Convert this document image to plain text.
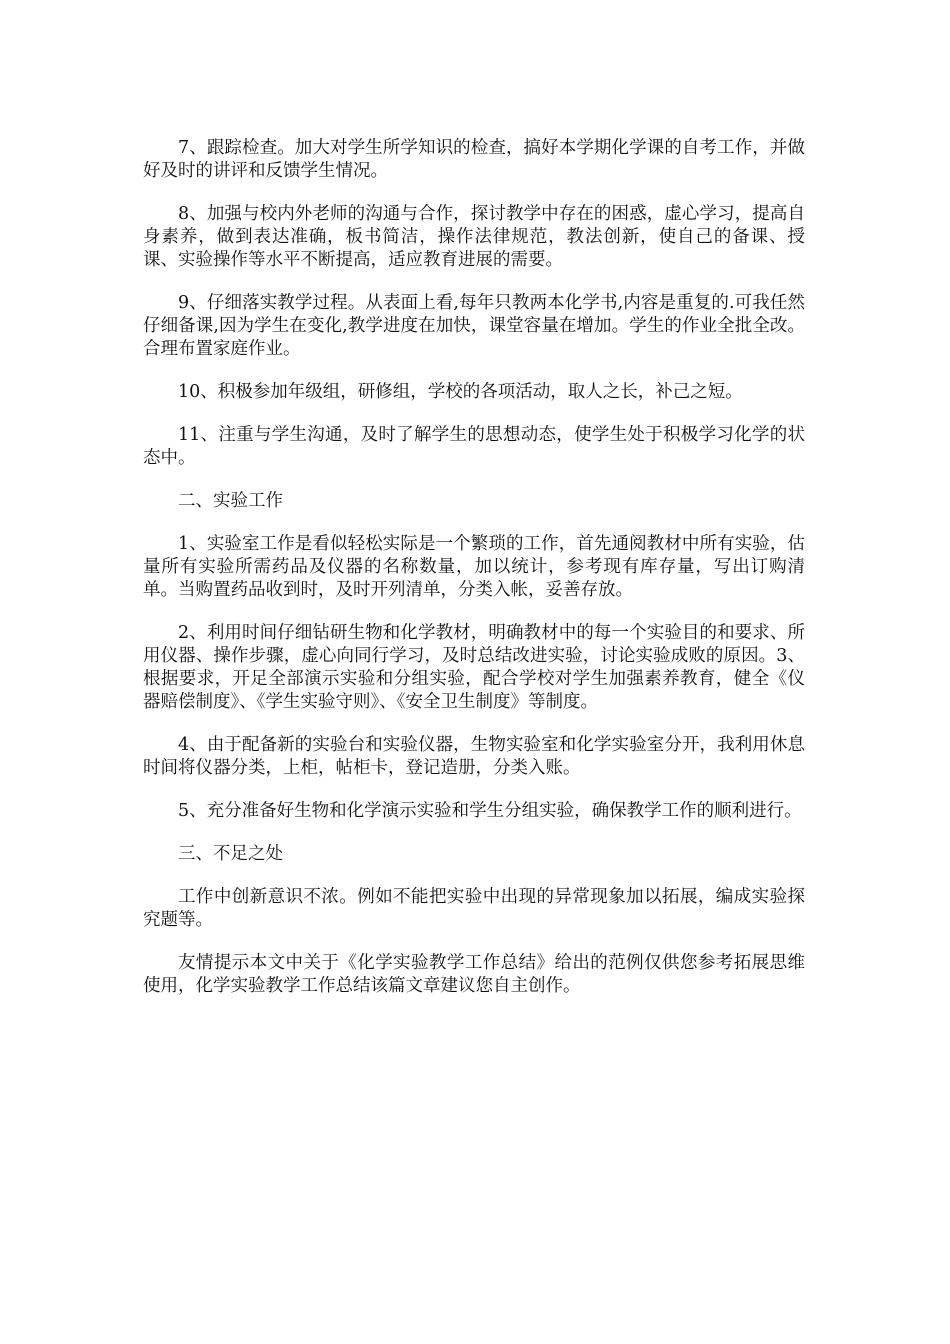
7、跟踪检查。加大对学生所学知识的检查，搞好本学期化学课的自考工作，并做好及时的讲评和反馈学生情况。

8、加强与校内外老师的沟通与合作，探讨教学中存在的困惑，虚心学习，提高自身素养，做到表达准确，板书简洁，操作法律规范，教法创新，使自己的备课、授课、实验操作等水平不断提高，适应教育进展的需要。

9、仔细落实教学过程。从表面上看,每年只教两本化学书,内容是重复的.可我任然仔细备课,因为学生在变化,教学进度在加快，课堂容量在增加。学生的作业全批全改。合理布置家庭作业。

10、积极参加年级组，研修组，学校的各项活动，取人之长，补己之短。

11、注重与学生沟通，及时了解学生的思想动态，使学生处于积极学习化学的状态中。

二、实验工作

1、实验室工作是看似轻松实际是一个繁琐的工作，首先通阅教材中所有实验，估量所有实验所需药品及仪器的名称数量，加以统计，参考现有库存量，写出订购清单。当购置药品收到时，及时开列清单，分类入帐，妥善存放。

2、利用时间仔细钻研生物和化学教材，明确教材中的每一个实验目的和要求、所用仪器、操作步骤，虚心向同行学习，及时总结改进实验，讨论实验成败的原因。3、根据要求，开足全部演示实验和分组实验，配合学校对学生加强素养教育，健全《仪器赔偿制度》、《学生实验守则》、《安全卫生制度》等制度。

4、由于配备新的实验台和实验仪器，生物实验室和化学实验室分开，我利用休息时间将仪器分类，上柜，帖柜卡，登记造册，分类入账。

5、充分准备好生物和化学演示实验和学生分组实验，确保教学工作的顺利进行。

三、不足之处

工作中创新意识不浓。例如不能把实验中出现的异常现象加以拓展，编成实验探究题等。

友情提示本文中关于《化学实验教学工作总结》给出的范例仅供您参考拓展思维使用，化学实验教学工作总结该篇文章建议您自主创作。
